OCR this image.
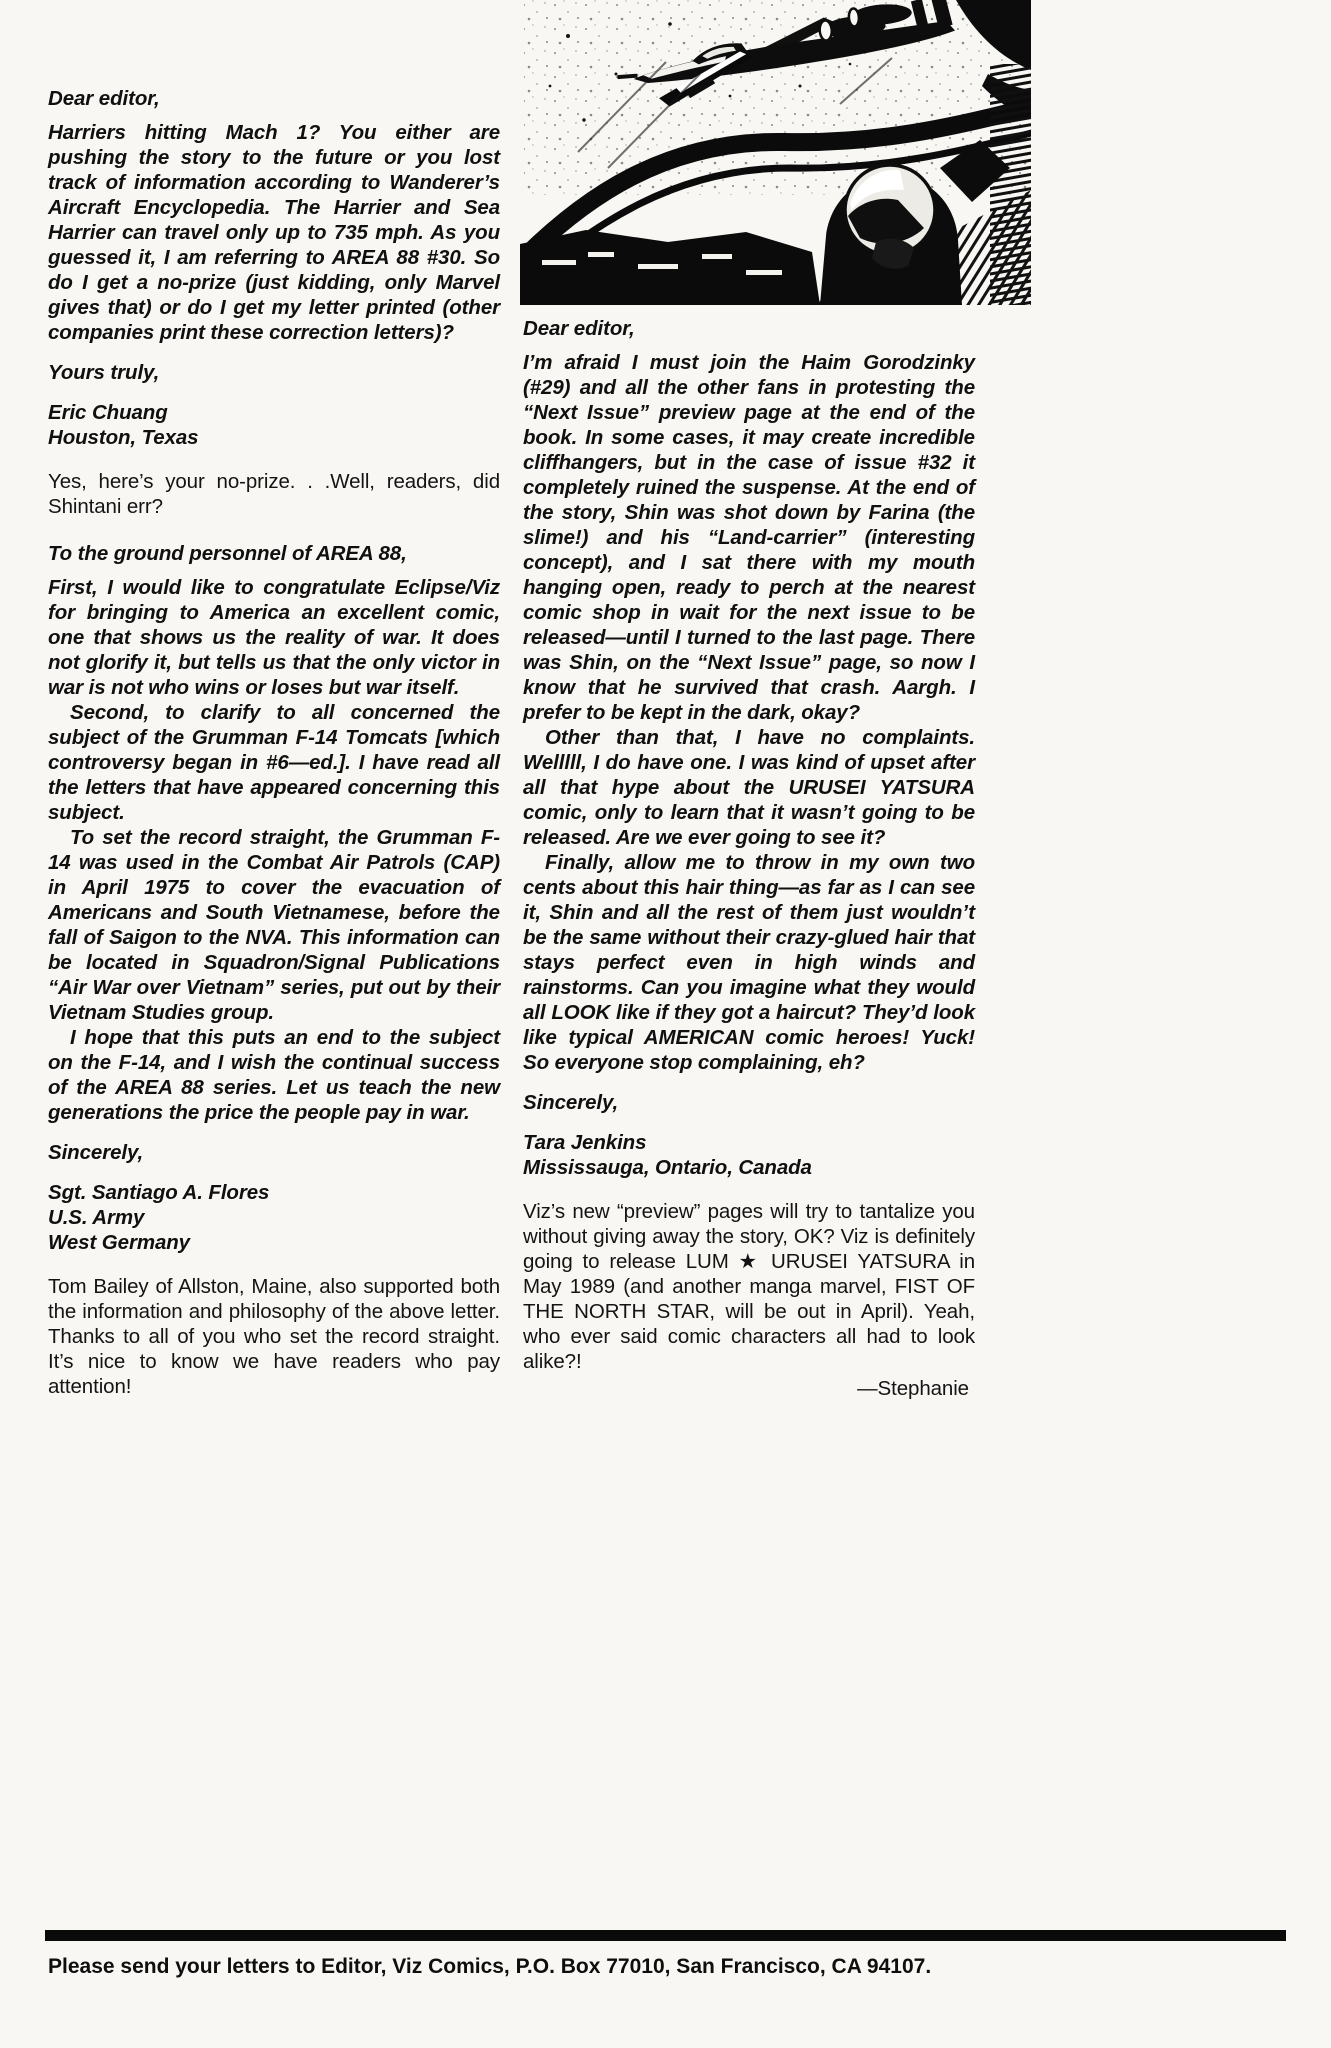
Dear editor,

Harriers hitting Mach 1? You either are pushing the story to the future or you lost track of information according to Wanderer’s Aircraft Encyclopedia. The Harrier and Sea Harrier can travel only up to 735 mph. As you guessed it, I am referring to AREA 88 #30. So do I get a no-prize (just kidding, only Marvel gives that) or do I get my letter printed (other companies print these correction letters)?

Yours truly,

Eric Chuang
Houston, Texas

Yes, here’s your no-prize. . .Well, readers, did Shintani err?

To the ground personnel of AREA 88,

First, I would like to congratulate Eclipse/Viz for bringing to America an excellent comic, one that shows us the reality of war. It does not glorify it, but tells us that the only victor in war is not who wins or loses but war itself.

Second, to clarify to all concerned the subject of the Grumman F-14 Tomcats [which controversy began in #6—ed.]. I have read all the letters that have appeared concerning this subject.

To set the record straight, the Grumman F-14 was used in the Combat Air Patrols (CAP) in April 1975 to cover the evacuation of Americans and South Vietnamese, before the fall of Saigon to the NVA. This information can be located in Squadron/Signal Publications “Air War over Vietnam” series, put out by their Vietnam Studies group.

I hope that this puts an end to the subject on the F-14, and I wish the continual success of the AREA 88 series. Let us teach the new generations the price the people pay in war.

Sincerely,

Sgt. Santiago A. Flores
U.S. Army
West Germany

Tom Bailey of Allston, Maine, also supported both the information and philosophy of the above letter. Thanks to all of you who set the record straight. It’s nice to know we have readers who pay attention!

Dear editor,

I’m afraid I must join the Haim Gorodzinky (#29) and all the other fans in protesting the “Next Issue” preview page at the end of the book. In some cases, it may create incredible cliffhangers, but in the case of issue #32 it completely ruined the suspense. At the end of the story, Shin was shot down by Farina (the slime!) and his “Land-carrier” (interesting concept), and I sat there with my mouth hanging open, ready to perch at the nearest comic shop in wait for the next issue to be released—until I turned to the last page. There was Shin, on the “Next Issue” page, so now I know that he survived that crash. Aargh. I prefer to be kept in the dark, okay?

Other than that, I have no complaints. Welllll, I do have one. I was kind of upset after all that hype about the URUSEI YATSURA comic, only to learn that it wasn’t going to be released. Are we ever going to see it?

Finally, allow me to throw in my own two cents about this hair thing—as far as I can see it, Shin and all the rest of them just wouldn’t be the same without their crazy-glued hair that stays perfect even in high winds and rainstorms. Can you imagine what they would all LOOK like if they got a haircut? They’d look like typical AMERICAN comic heroes! Yuck! So everyone stop complaining, eh?

Sincerely,

Tara Jenkins
Mississauga, Ontario, Canada

Viz’s new “preview” pages will try to tantalize you without giving away the story, OK? Viz is definitely going to release LUM ★ URUSEI YATSURA in May 1989 (and another manga marvel, FIST OF THE NORTH STAR, will be out in April). Yeah, who ever said comic characters all had to look alike?!

—Stephanie

Please send your letters to Editor, Viz Comics, P.O. Box 77010, San Francisco, CA 94107.
